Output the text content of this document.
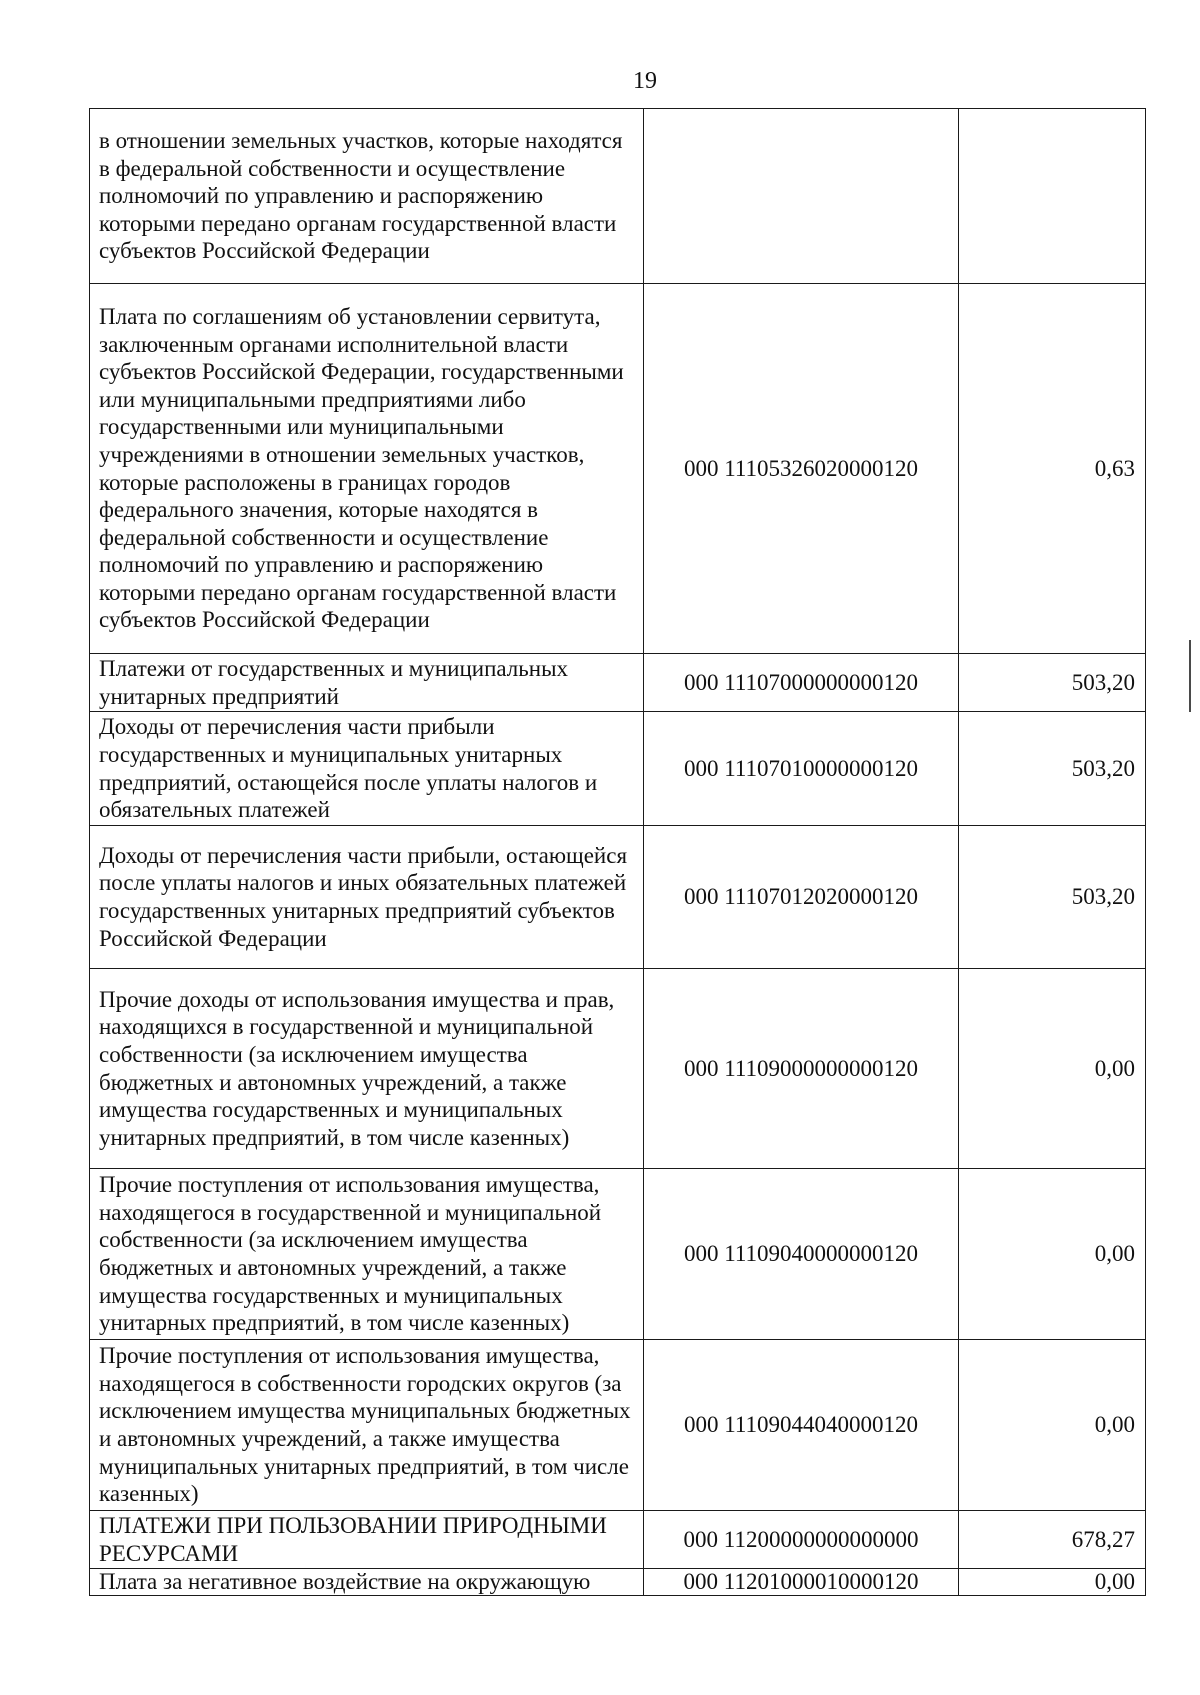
19
в отношении земельных участков, которые находятся в федеральной собственности и осуществление полномочий по управлению и распоряжению которыми передано органам государственной власти субъектов Российской Федерации		
Плата по соглашениям об установлении сервитута, заключенным органами исполнительной власти субъектов Российской Федерации, государственными или муниципальными предприятиями либо государственными или муниципальными учреждениями в отношении земельных участков, которые расположены в границах городов федерального значения, которые находятся в федеральной собственности и осуществление полномочий по управлению и распоряжению которыми передано органам государственной власти субъектов Российской Федерации	000 11105326020000120	0,63
Платежи от государственных и муниципальных унитарных предприятий	000 11107000000000120	503,20
Доходы от перечисления части прибыли государственных и муниципальных унитарных предприятий, остающейся после уплаты налогов и обязательных платежей	000 11107010000000120	503,20
Доходы от перечисления части прибыли, остающейся после уплаты налогов и иных обязательных платежей государственных унитарных предприятий субъектов Российской Федерации	000 11107012020000120	503,20
Прочие доходы от использования имущества и прав, находящихся в государственной и муниципальной собственности (за исключением имущества бюджетных и автономных учреждений, а также имущества государственных и муниципальных унитарных предприятий, в том числе казенных)	000 11109000000000120	0,00
Прочие поступления от использования имущества, находящегося в государственной и муниципальной собственности (за исключением имущества бюджетных и автономных учреждений, а также имущества государственных и муниципальных унитарных предприятий, в том числе казенных)	000 11109040000000120	0,00
Прочие поступления от использования имущества, находящегося в собственности городских округов (за исключением имущества муниципальных бюджетных и автономных учреждений, а также имущества муниципальных унитарных предприятий, в том числе казенных)	000 11109044040000120	0,00
ПЛАТЕЖИ ПРИ ПОЛЬЗОВАНИИ ПРИРОДНЫМИ РЕСУРСАМИ	000 11200000000000000	678,27
Плата за негативное воздействие на окружающую	000 11201000010000120	0,00
